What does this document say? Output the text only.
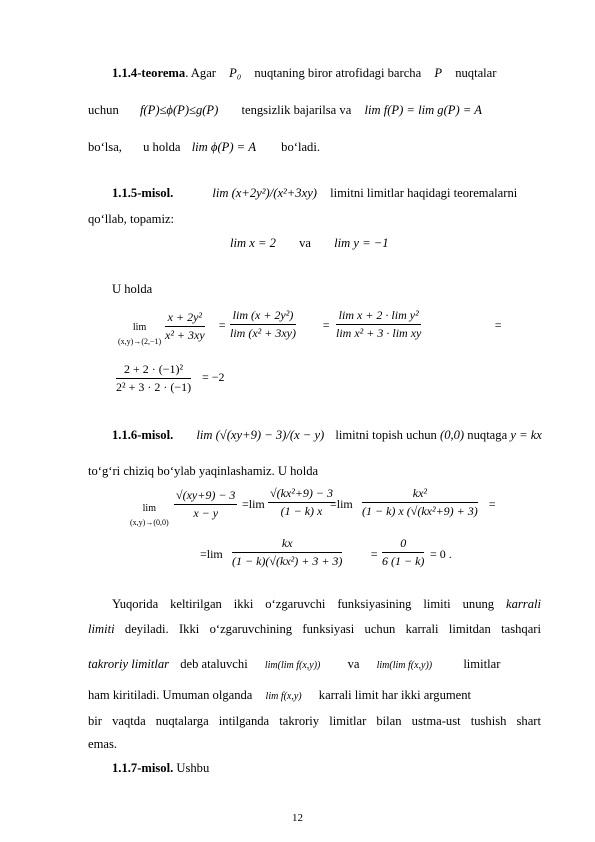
1.1.4-teorema. Agar P₀ nuqtaning biror atrofidagi barcha P nuqtalar
uchun f(P)≤ϕ(P)≤g(P) tengsizlik bajarilsa va lim f(P) = lim g(P) = A
bo‘lsa, u holda lim ϕ(P) = A bo‘ladi.
1.1.5-misol.	lim (x+2y²)/(x²+3xy) limitni limitlar haqidagi teoremalarni
qo‘llab, topamiz:
lim x = 2 va lim y = −1
U holda
lim
$_{(x,y)\to(2,-1)} \frac{\text{x + 2y²}}{\text{x² + 3xy}} = \frac{\text{lim (x + 2y²)}}{\text{lim (x² + 3xy)}} = \frac{\text{lim x + 2 · lim y²}}{\text{lim x² + 3 · lim xy}}$	=
$\frac{\text{2 + 2 · (−1)²}}{\text{2² + 3 · 2 · (−1)}} = -2$
1.1.6-misol. lim (√(xy+9) − 3)/(x − y) limitni topish uchun (0,0) nuqtaga y = kx
to‘g‘ri chiziq bo‘ylab yaqinlashamiz. U holda
lim
$_{(x,y)\to(0,0)}$
$\frac{√(xy+9) - 3}{x - y} =\lim \frac{\text{√(kx²+9) − 3}}{(1 - k) x}$
$=\lim \frac{\text{kx²}}{\text{(1 − k) x (√(kx²+9) + 3)}}$ =
$=\lim \frac{kx}{\text{(1 − k)(√(kx²) + 3 + 3)}} = \frac{0}{6 (1 - k)} = 0$ .
Yuqorida keltirilgan ikki o‘zgaruvchi funksiyasining limiti unung karrali
limiti deyiladi. Ikki o‘zgaruvchining funksiyasi uchun karrali limitdan tashqari
takroriy limitlar deb ataluvchi lim(lim f(x,y)) va lim(lim f(x,y)) limitlar
ham kiritiladi. Umuman olganda lim f(x,y) karrali limit har ikki argument
bir vaqtda nuqtalarga intilganda takroriy limitlar bilan ustma-ust tushish shart
emas.
1.1.7-misol. Ushbu
12
